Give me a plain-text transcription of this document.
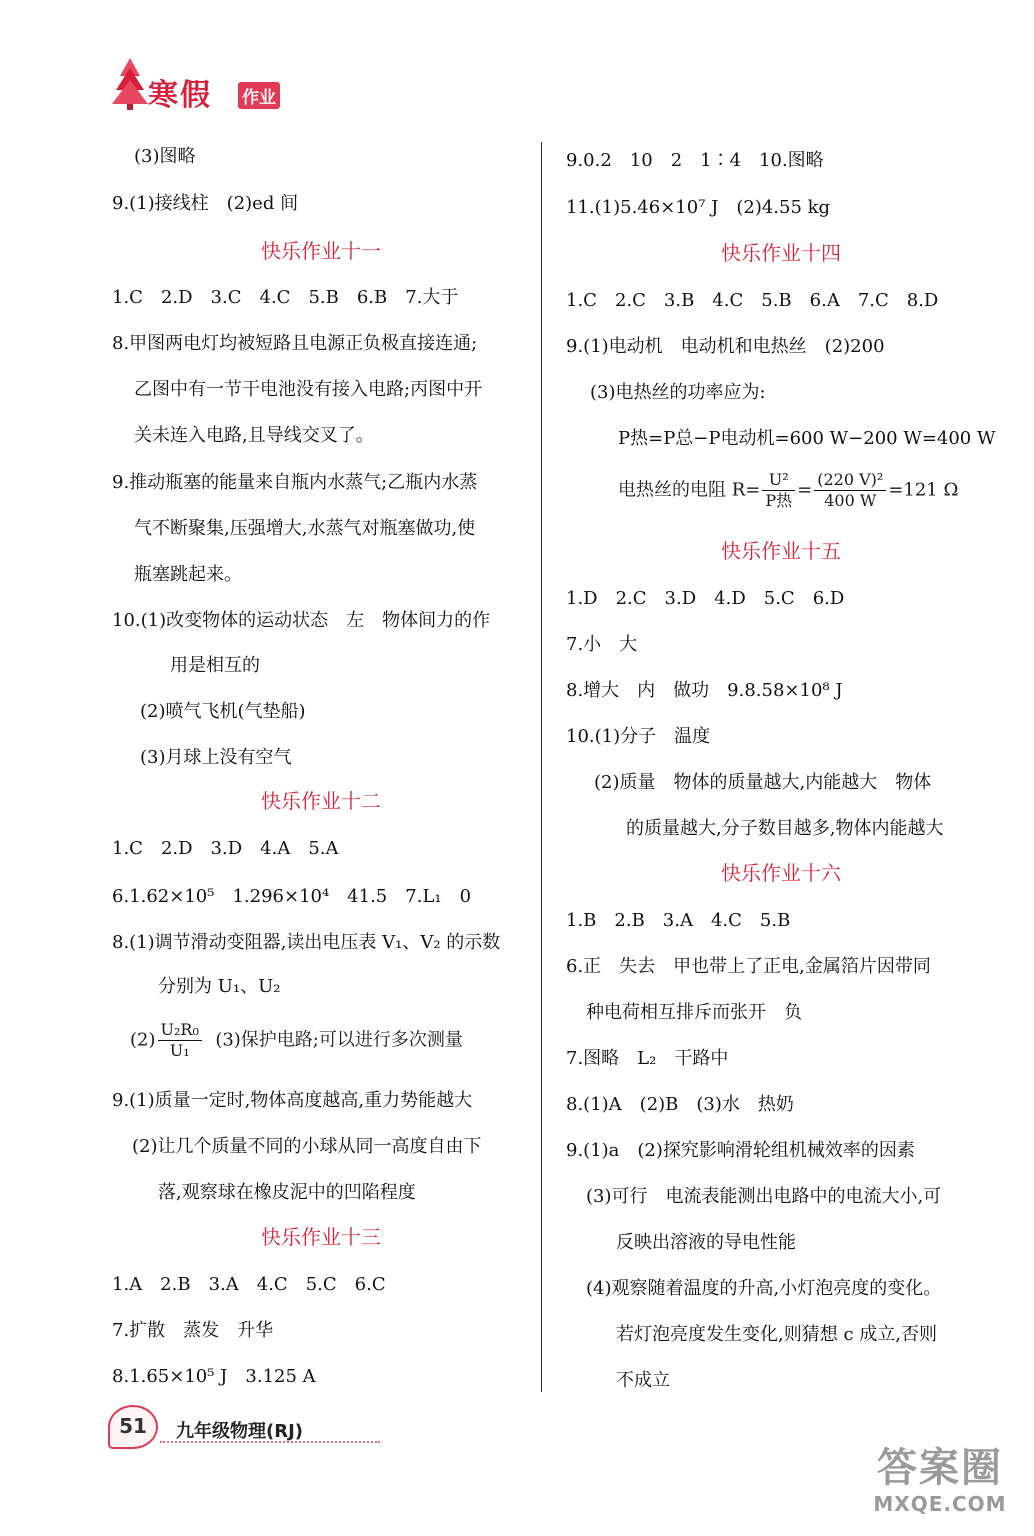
寒假 作业
(3)图略
9.(1)接线柱　(2)ed 间
快乐作业十一
1.C　2.D　3.C　4.C　5.B　6.B　7.大于
8.甲图两电灯均被短路且电源正负极直接连通;
乙图中有一节干电池没有接入电路;丙图中开
关未连入电路,且导线交叉了。
9.推动瓶塞的能量来自瓶内水蒸气;乙瓶内水蒸
气不断聚集,压强增大,水蒸气对瓶塞做功,使
瓶塞跳起来。
10.(1)改变物体的运动状态　左　物体间力的作
用是相互的
(2)喷气飞机(气垫船)
(3)月球上没有空气
快乐作业十二
1.C　2.D　3.D　4.A　5.A
6.1.62×10⁵　1.296×10⁴　41.5　7.L₁　0
8.(1)调节滑动变阻器,读出电压表 V₁、V₂ 的示数
分别为 U₁、U₂
$(2) \frac{\text{U₂R₀}}{\text{U₁}} (3)$保护电路;可以进行多次测量
9.(1)质量一定时,物体高度越高,重力势能越大
(2)让几个质量不同的小球从同一高度自由下
落,观察球在橡皮泥中的凹陷程度
快乐作业十三
1.A　2.B　3.A　4.C　5.C　6.C
7.扩散　蒸发　升华
8.1.65×10⁵ J　3.125 A
9.0.2　10　2　1∶4　10.图略
11.(1)5.46×10⁷ J　(2)4.55 kg
快乐作业十四
1.C　2.C　3.B　4.C　5.B　6.A　7.C　8.D
9.(1)电动机　电动机和电热丝　(2)200
(3)电热丝的功率应为:
P热=P总−P电动机=600 W−200 W=400 W
电热丝的电阻 $R= \frac{\text{U²}}{\text{P热}} = \frac{\text{(220 V)²}}{400 W} =121$ Ω
快乐作业十五
1.D　2.C　3.D　4.D　5.C　6.D
7.小　大
8.增大　内　做功　9.8.58×10⁸ J
10.(1)分子　温度
(2)质量　物体的质量越大,内能越大　物体
的质量越大,分子数目越多,物体内能越大
快乐作业十六
1.B　2.B　3.A　4.C　5.B
6.正　失去　甲也带上了正电,金属箔片因带同
种电荷相互排斥而张开　负
7.图略　L₂　干路中
8.(1)A　(2)B　(3)水　热奶
9.(1)a　(2)探究影响滑轮组机械效率的因素
(3)可行　电流表能测出电路中的电流大小,可
反映出溶液的导电性能
(4)观察随着温度的升高,小灯泡亮度的变化。
若灯泡亮度发生变化,则猜想 c 成立,否则
不成立
51	九年级物理(RJ)
答案圈
MXQE.COM
